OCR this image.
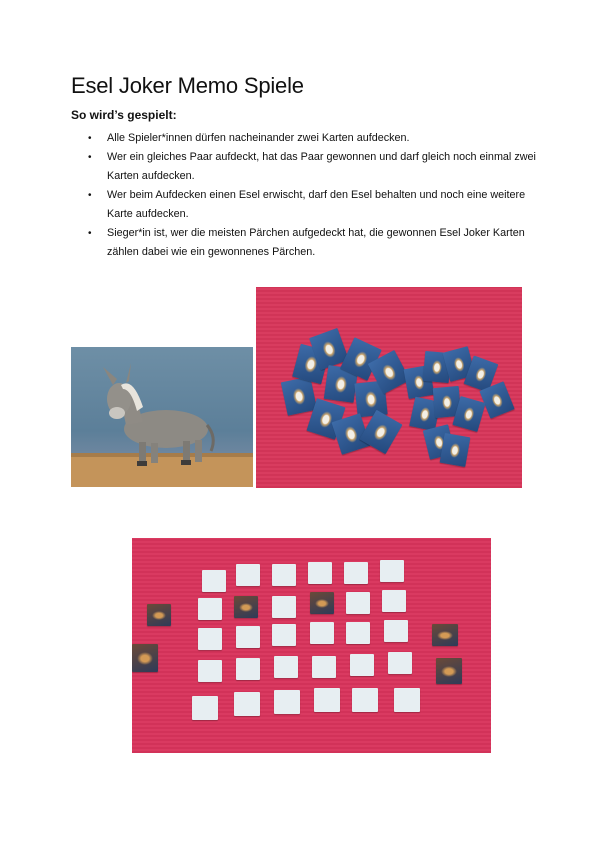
Esel Joker Memo Spiele

So wird’s gespielt:

• Alle Spieler*innen dürfen nacheinander zwei Karten aufdecken.
• Wer ein gleiches Paar aufdeckt, hat das Paar gewonnen und darf gleich noch einmal zwei Karten aufdecken.
• Wer beim Aufdecken einen Esel erwischt, darf den Esel behalten und noch eine weitere Karte aufdecken.
• Sieger*in ist, wer die meisten Pärchen aufgedeckt hat, die gewonnen Esel Joker Karten zählen dabei wie ein gewonnenes Pärchen.
